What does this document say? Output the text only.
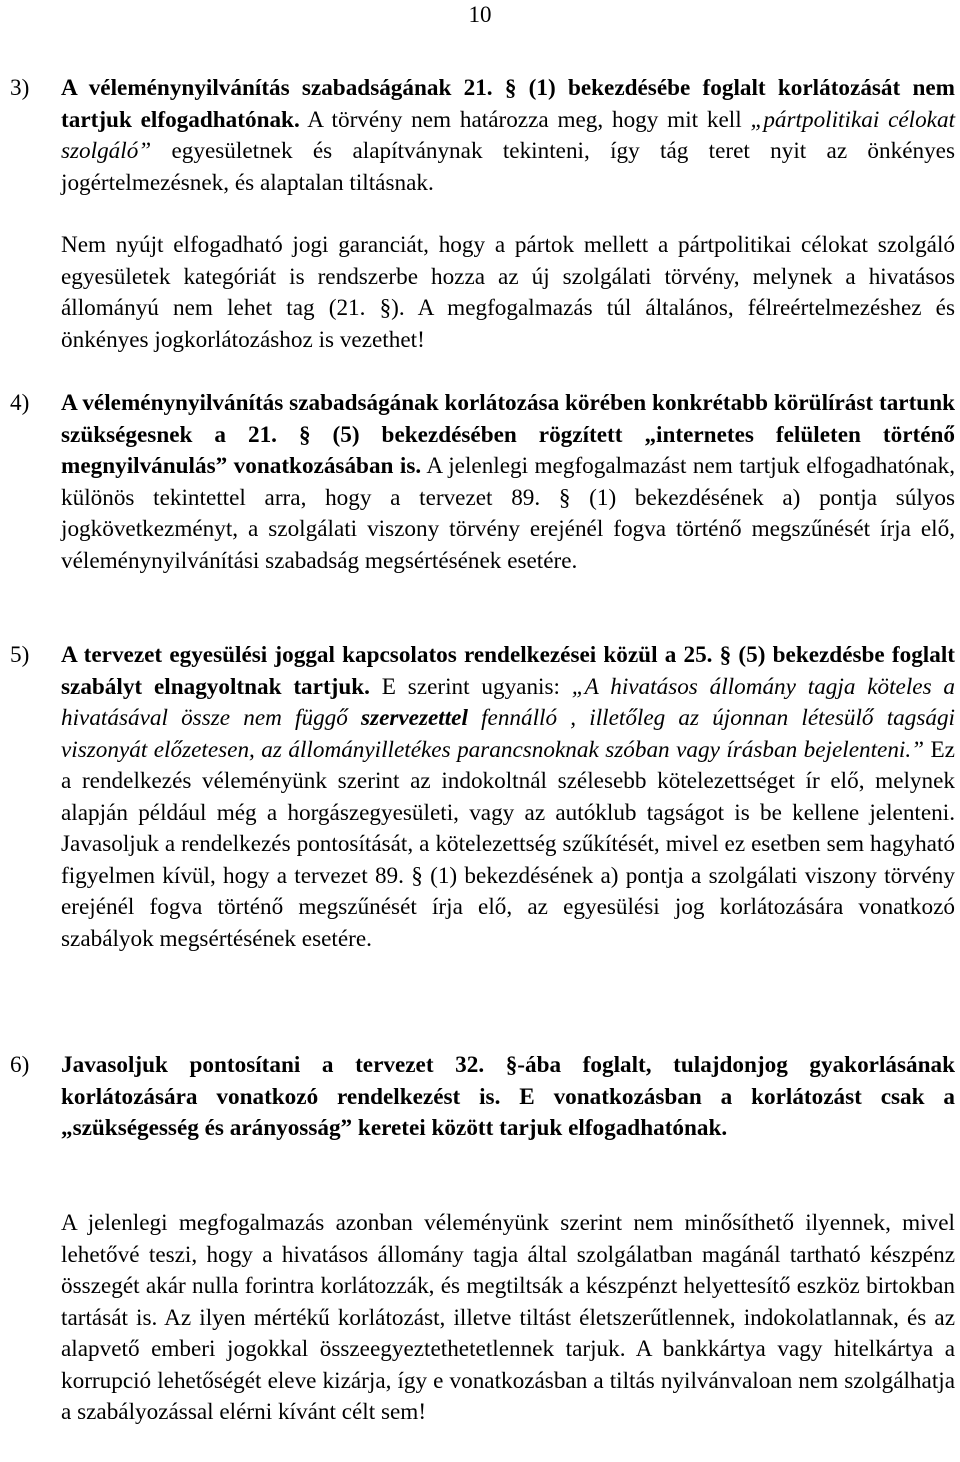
10
3) A véleménynyilvánítás szabadságának 21. § (1) bekezdésébe foglalt korlátozását nem tartjuk elfogadhatónak. A törvény nem határozza meg, hogy mit kell „pártpolitikai célokat szolgáló” egyesületnek és alapítványnak tekinteni, így tág teret nyit az önkényes jogértelmezésnek, és alaptalan tiltásnak.
Nem nyújt elfogadható jogi garanciát, hogy a pártok mellett a pártpolitikai célokat szolgáló egyesületek kategóriát is rendszerbe hozza az új szolgálati törvény, melynek a hivatásos állományú nem lehet tag (21. §). A megfogalmazás túl általános, félreértelmezéshez és önkényes jogkorlátozáshoz is vezethet!
4) A véleménynyilvánítás szabadságának korlátozása körében konkrétabb körülírást tartunk szükségesnek a 21. § (5) bekezdésében rögzített „internetes felületen történő megnyilvánulás” vonatkozásában is. A jelenlegi megfogalmazást nem tartjuk elfogadhatónak, különös tekintettel arra, hogy a tervezet 89. § (1) bekezdésének a) pontja súlyos jogkövetkezményt, a szolgálati viszony törvény erejénél fogva történő megszűnését írja elő, véleménynyilvánítási szabadság megsértésének esetére.
5) A tervezet egyesülési joggal kapcsolatos rendelkezései közül a 25. § (5) bekezdésbe foglalt szabályt elnagyoltnak tartjuk. E szerint ugyanis: „A hivatásos állomány tagja köteles a hivatásával össze nem függő szervezettel fennálló , illetőleg az újonnan létesülő tagsági viszonyát előzetesen, az állományilletékes parancsnoknak szóban vagy írásban bejelenteni.” Ez a rendelkezés véleményünk szerint az indokoltnál szélesebb kötelezettséget ír elő, melynek alapján például még a horgászegyesületi, vagy az autóklub tagságot is be kellene jelenteni. Javasoljuk a rendelkezés pontosítását, a kötelezettség szűkítését, mivel ez esetben sem hagyható figyelmen kívül, hogy a tervezet 89. § (1) bekezdésének a) pontja a szolgálati viszony törvény erejénél fogva történő megszűnését írja elő, az egyesülési jog korlátozására vonatkozó szabályok megsértésének esetére.
6) Javasoljuk pontosítani a tervezet 32. §-ába foglalt, tulajdonjog gyakorlásának korlátozására vonatkozó rendelkezést is. E vonatkozásban a korlátozást csak a „szükségesség és arányosság” keretei között tarjuk elfogadhatónak.
A jelenlegi megfogalmazás azonban véleményünk szerint nem minősíthető ilyennek, mivel lehetővé teszi, hogy a hivatásos állomány tagja által szolgálatban magánál tartható készpénz összegét akár nulla forintra korlátozzák, és megtiltsák a készpénzt helyettesítő eszköz birtokban tartását is. Az ilyen mértékű korlátozást, illetve tiltást életszerűtlennek, indokolatlannak, és az alapvető emberi jogokkal összeegyeztethetetlennek tarjuk. A bankkártya vagy hitelkártya a korrupció lehetőségét eleve kizárja, így e vonatkozásban a tiltás nyilvánvaloan nem szolgálhatja a szabályozással elérni kívánt célt sem!
